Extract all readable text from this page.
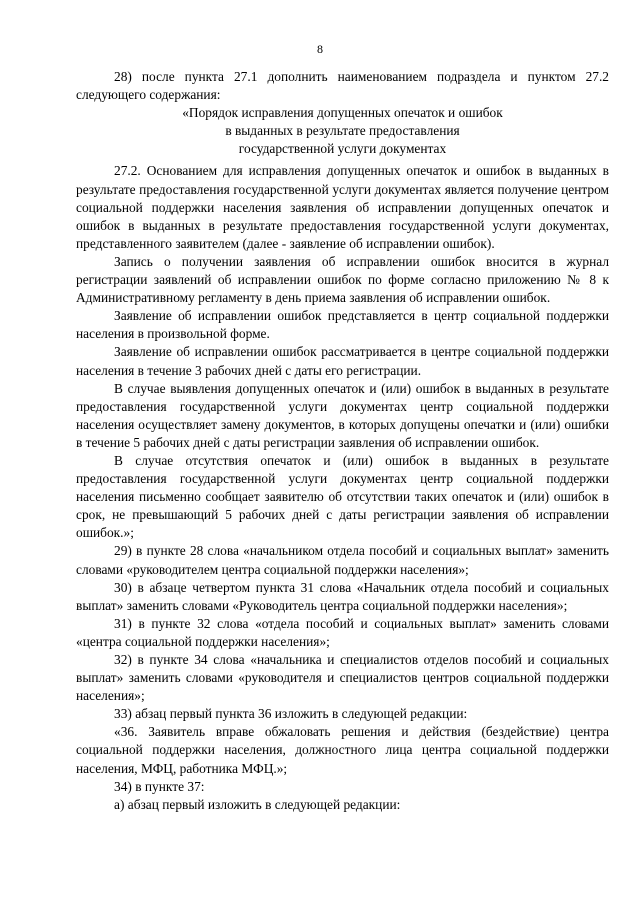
8

28) после пункта 27.1 дополнить наименованием подраздела и пунктом 27.2 следующего содержания:

«Порядок исправления допущенных опечаток и ошибок

в выданных в результате предоставления

государственной услуги документах

27.2. Основанием для исправления допущенных опечаток и ошибок в выданных в результате предоставления государственной услуги документах является получение центром социальной поддержки населения заявления об исправлении допущенных опечаток и ошибок в выданных в результате предоставления государственной услуги документах, представленного заявителем (далее - заявление об исправлении ошибок).

Запись о получении заявления об исправлении ошибок вносится в журнал регистрации заявлений об исправлении ошибок по форме согласно приложению № 8 к Административному регламенту в день приема заявления об исправлении ошибок.

Заявление об исправлении ошибок представляется в центр социальной поддержки населения в произвольной форме.

Заявление об исправлении ошибок рассматривается в центре социальной поддержки населения в течение 3 рабочих дней с даты его регистрации.

В случае выявления допущенных опечаток и (или) ошибок в выданных в результате предоставления государственной услуги документах центр социальной поддержки населения осуществляет замену документов, в которых допущены опечатки и (или) ошибки в течение 5 рабочих дней с даты регистрации заявления об исправлении ошибок.

В случае отсутствия опечаток и (или) ошибок в выданных в результате предоставления государственной услуги документах центр социальной поддержки населения письменно сообщает заявителю об отсутствии таких опечаток и (или) ошибок в срок, не превышающий 5 рабочих дней с даты регистрации заявления об исправлении ошибок.»;

29) в пункте 28 слова «начальником отдела пособий и социальных выплат» заменить словами «руководителем центра социальной поддержки населения»;

30) в абзаце четвертом пункта 31 слова «Начальник отдела пособий и социальных выплат» заменить словами «Руководитель центра социальной поддержки населения»;

31) в пункте 32 слова «отдела пособий и социальных выплат» заменить словами «центра социальной поддержки населения»;

32) в пункте 34 слова «начальника и специалистов отделов пособий и социальных выплат» заменить словами «руководителя и специалистов центров социальной поддержки населения»;

33) абзац первый пункта 36 изложить в следующей редакции:

«36. Заявитель вправе обжаловать решения и действия (бездействие) центра социальной поддержки населения, должностного лица центра социальной поддержки населения, МФЦ, работника МФЦ.»;

34) в пункте 37:

а) абзац первый изложить в следующей редакции:
